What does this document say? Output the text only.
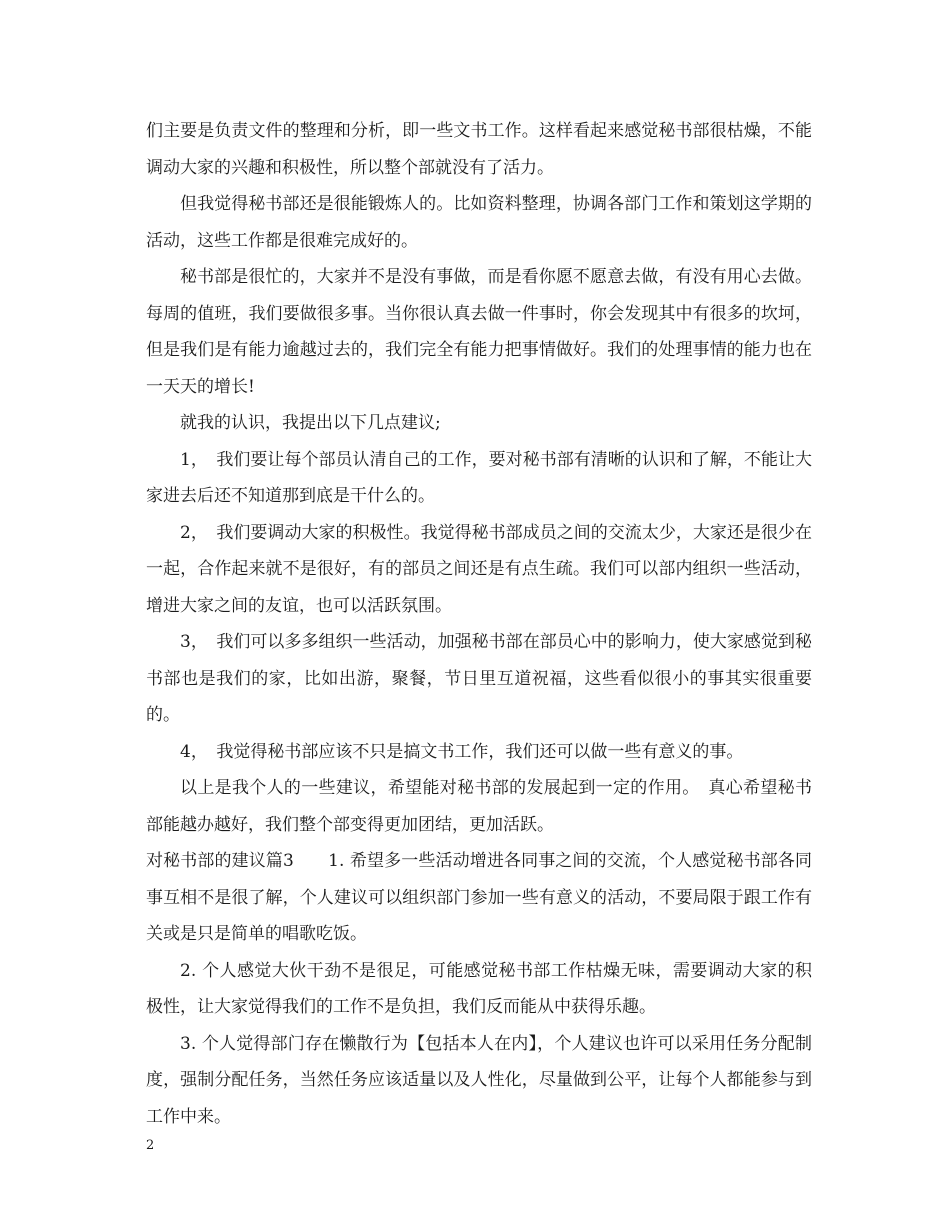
们主要是负责文件的整理和分析，即一些文书工作。这样看起来感觉秘书部很枯燥，不能调动大家的兴趣和积极性，所以整个部就没有了活力。

但我觉得秘书部还是很能锻炼人的。比如资料整理，协调各部门工作和策划这学期的活动，这些工作都是很难完成好的。

秘书部是很忙的，大家并不是没有事做，而是看你愿不愿意去做，有没有用心去做。每周的值班，我们要做很多事。当你很认真去做一件事时，你会发现其中有很多的坎坷，但是我们是有能力逾越过去的，我们完全有能力把事情做好。我们的处理事情的能力也在一天天的增长!

就我的认识，我提出以下几点建议;

1，　我们要让每个部员认清自己的工作，要对秘书部有清晰的认识和了解，不能让大家进去后还不知道那到底是干什么的。

2，　我们要调动大家的积极性。我觉得秘书部成员之间的交流太少，大家还是很少在一起，合作起来就不是很好，有的部员之间还是有点生疏。我们可以部内组织一些活动，增进大家之间的友谊，也可以活跃氛围。

3，　我们可以多多组织一些活动，加强秘书部在部员心中的影响力，使大家感觉到秘书部也是我们的家，比如出游，聚餐，节日里互道祝福，这些看似很小的事其实很重要的。

4，　我觉得秘书部应该不只是搞文书工作，我们还可以做一些有意义的事。

以上是我个人的一些建议，希望能对秘书部的发展起到一定的作用。　真心希望秘书部能越办越好，我们整个部变得更加团结，更加活跃。

对秘书部的建议篇3　　1. 希望多一些活动增进各同事之间的交流，个人感觉秘书部各同事互相不是很了解，个人建议可以组织部门参加一些有意义的活动，不要局限于跟工作有关或是只是简单的唱歌吃饭。

2. 个人感觉大伙干劲不是很足，可能感觉秘书部工作枯燥无味，需要调动大家的积极性，让大家觉得我们的工作不是负担，我们反而能从中获得乐趣。

3. 个人觉得部门存在懒散行为【包括本人在内】，个人建议也许可以采用任务分配制度，强制分配任务，当然任务应该适量以及人性化，尽量做到公平，让每个人都能参与到工作中来。

2
